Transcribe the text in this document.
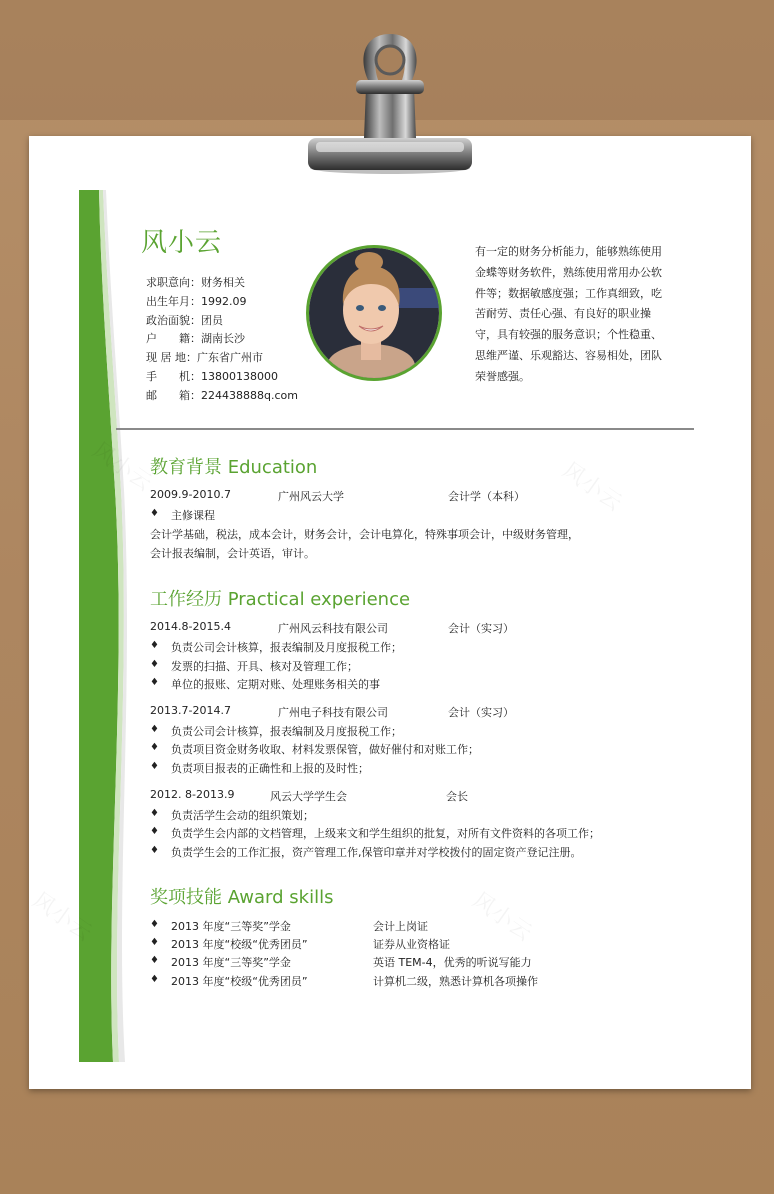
风小云
求职意向：财务相关
出生年月：1992.09
政治面貌：团员
户　　籍：湖南长沙
现 居 地：广东省广州市
手　　机：13800138000
邮　　箱：224438888q.com
有一定的财务分析能力，能够熟练使用金蝶等财务软件，熟练使用常用办公软件等；数据敏感度强；工作真细致，吃苦耐劳、责任心强、有良好的职业操守，具有较强的服务意识；个性稳重、思维严谨、乐观豁达、容易相处，团队荣誉感强。
教育背景 Education
2009.9-2010.7	广州风云大学	会计学（本科）
♦ 主修课程
会计学基础，税法，成本会计，财务会计，会计电算化，特殊事项会计，中级财务管理，
会计报表编制，会计英语，审计。
工作经历 Practical experience
2014.8-2015.4	广州风云科技有限公司	会计（实习）
♦ 负责公司会计核算，报表编制及月度报税工作；
♦ 发票的扫描、开具、核对及管理工作；
♦ 单位的报账、定期对账、处理账务相关的事
2013.7-2014.7	广州电子科技有限公司	会计（实习）
♦ 负责公司会计核算，报表编制及月度报税工作；
♦ 负责项目资金财务收取、材料发票保管，做好催付和对账工作；
♦ 负责项目报表的正确性和上报的及时性；
2012. 8-2013.9	风云大学学生会	会长
♦ 负责活学生会动的组织策划；
♦ 负责学生会内部的文档管理，上级来文和学生组织的批复，对所有文件资料的各项工作；
♦ 负责学生会的工作汇报，资产管理工作,保管印章并对学校拨付的固定资产登记注册。
奖项技能 Award skills
♦ 2013 年度“三等奖”学金	会计上岗证
♦ 2013 年度“校级“优秀团员”	证券从业资格证
♦ 2013 年度“三等奖”学金	英语 TEM-4，优秀的听说写能力
♦ 2013 年度“校级“优秀团员”	计算机二级，熟悉计算机各项操作
